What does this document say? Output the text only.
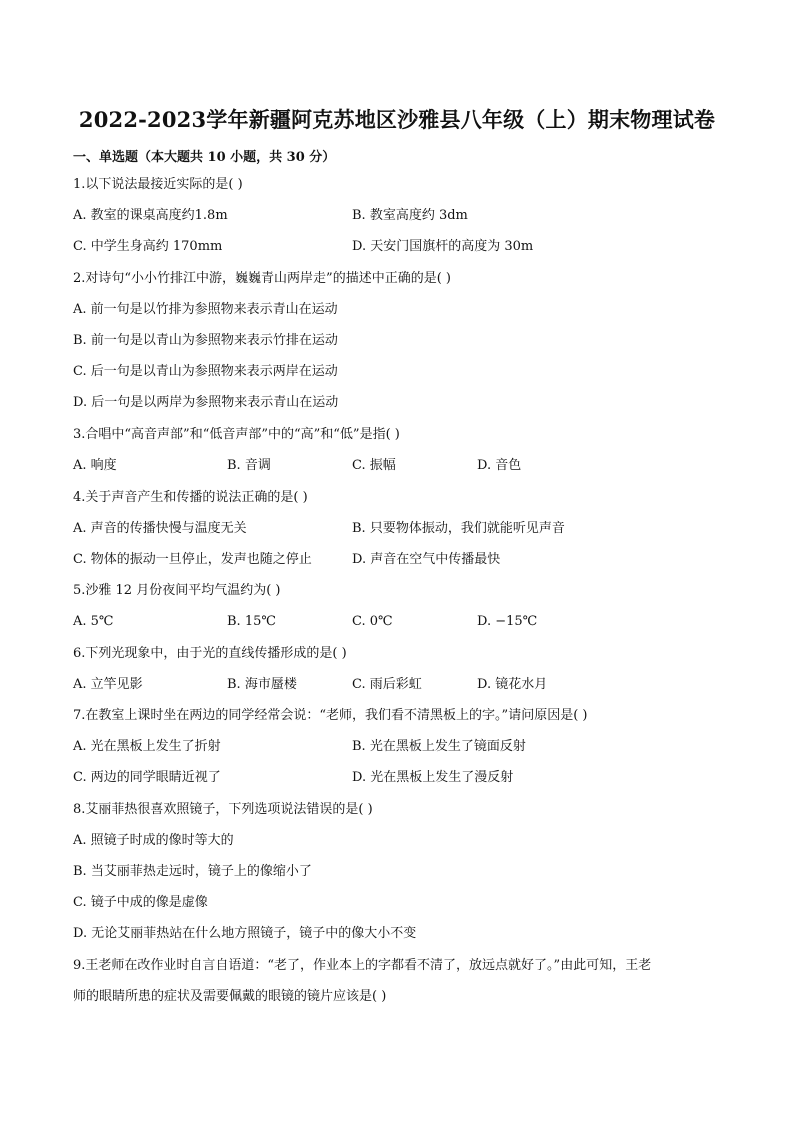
2022-2023学年新疆阿克苏地区沙雅县八年级（上）期末物理试卷
一、单选题（本大题共 10 小题，共 30 分）
1.以下说法最接近实际的是( )
A. 教室的课桌高度约1.8m	B. 教室高度约 3dm
C. 中学生身高约 170mm	D. 天安门国旗杆的高度为 30m
2.对诗句“小小竹排江中游，巍巍青山两岸走”的描述中正确的是( )
A. 前一句是以竹排为参照物来表示青山在运动
B. 前一句是以青山为参照物来表示竹排在运动
C. 后一句是以青山为参照物来表示两岸在运动
D. 后一句是以两岸为参照物来表示青山在运动
3.合唱中“高音声部”和“低音声部”中的“高”和“低”是指( )
A. 响度	B. 音调	C. 振幅	D. 音色
4.关于声音产生和传播的说法正确的是( )
A. 声音的传播快慢与温度无关	B. 只要物体振动，我们就能听见声音
C. 物体的振动一旦停止，发声也随之停止	D. 声音在空气中传播最快
5.沙雅 12 月份夜间平均气温约为( )
A. 5℃	B. 15℃	C. 0℃	D. −15℃
6.下列光现象中，由于光的直线传播形成的是( )
A. 立竿见影	B. 海市蜃楼	C. 雨后彩虹	D. 镜花水月
7.在教室上课时坐在两边的同学经常会说：“老师，我们看不清黑板上的字。”请问原因是( )
A. 光在黑板上发生了折射	B. 光在黑板上发生了镜面反射
C. 两边的同学眼睛近视了	D. 光在黑板上发生了漫反射
8.艾丽菲热很喜欢照镜子，下列选项说法错误的是( )
A. 照镜子时成的像时等大的
B. 当艾丽菲热走远时，镜子上的像缩小了
C. 镜子中成的像是虚像
D. 无论艾丽菲热站在什么地方照镜子，镜子中的像大小不变
9.王老师在改作业时自言自语道：“老了，作业本上的字都看不清了，放远点就好了。”由此可知，王老
师的眼睛所患的症状及需要佩戴的眼镜的镜片应该是( )
